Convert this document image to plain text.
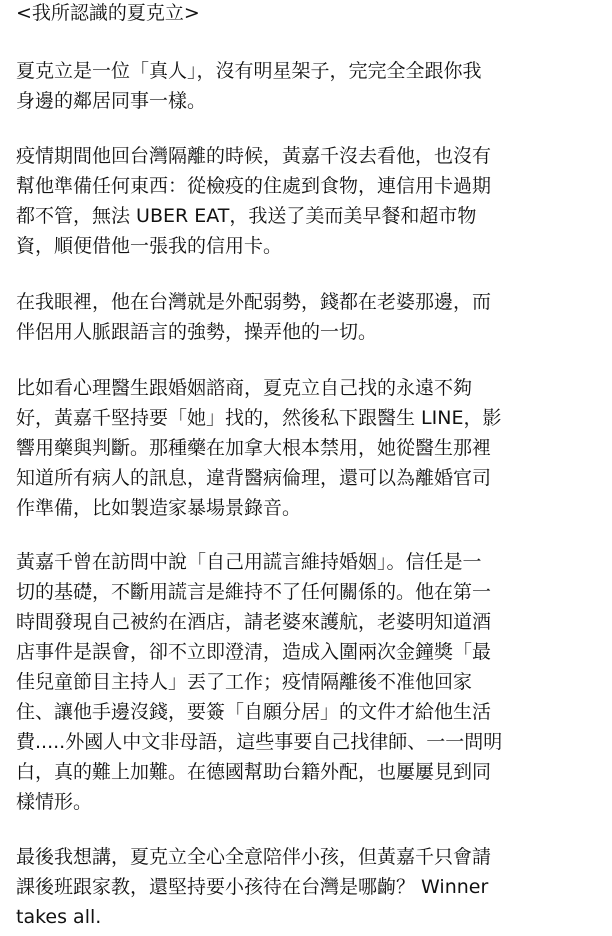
<我所認識的夏克立>
夏克立是一位「真人」，沒有明星架子，完完全全跟你我
身邊的鄰居同事一樣。
疫情期間他回台灣隔離的時候，黃嘉千沒去看他，也沒有
幫他準備任何東西：從檢疫的住處到食物，連信用卡過期
都不管，無法 UBER EAT，我送了美而美早餐和超市物
資，順便借他一張我的信用卡。
在我眼裡，他在台灣就是外配弱勢，錢都在老婆那邊，而
伴侶用人脈跟語言的強勢，操弄他的一切。
比如看心理醫生跟婚姻諮商，夏克立自己找的永遠不夠
好，黃嘉千堅持要「她」找的，然後私下跟醫生 LINE，影
響用藥與判斷。那種藥在加拿大根本禁用，她從醫生那裡
知道所有病人的訊息，違背醫病倫理，還可以為離婚官司
作準備，比如製造家暴場景錄音。
黃嘉千曾在訪問中說「自己用謊言維持婚姻」。信任是一
切的基礎，不斷用謊言是維持不了任何關係的。他在第一
時間發現自己被約在酒店，請老婆來護航，老婆明知道酒
店事件是誤會，卻不立即澄清，造成入圍兩次金鐘獎「最
佳兒童節目主持人」丟了工作；疫情隔離後不准他回家
住、讓他手邊沒錢，要簽「自願分居」的文件才給他生活
費.....外國人中文非母語，這些事要自己找律師、一一問明
白，真的難上加難。在德國幫助台籍外配，也屢屢見到同
樣情形。
最後我想講，夏克立全心全意陪伴小孩，但黃嘉千只會請
課後班跟家教，還堅持要小孩待在台灣是哪齣？ Winner
takes all.
